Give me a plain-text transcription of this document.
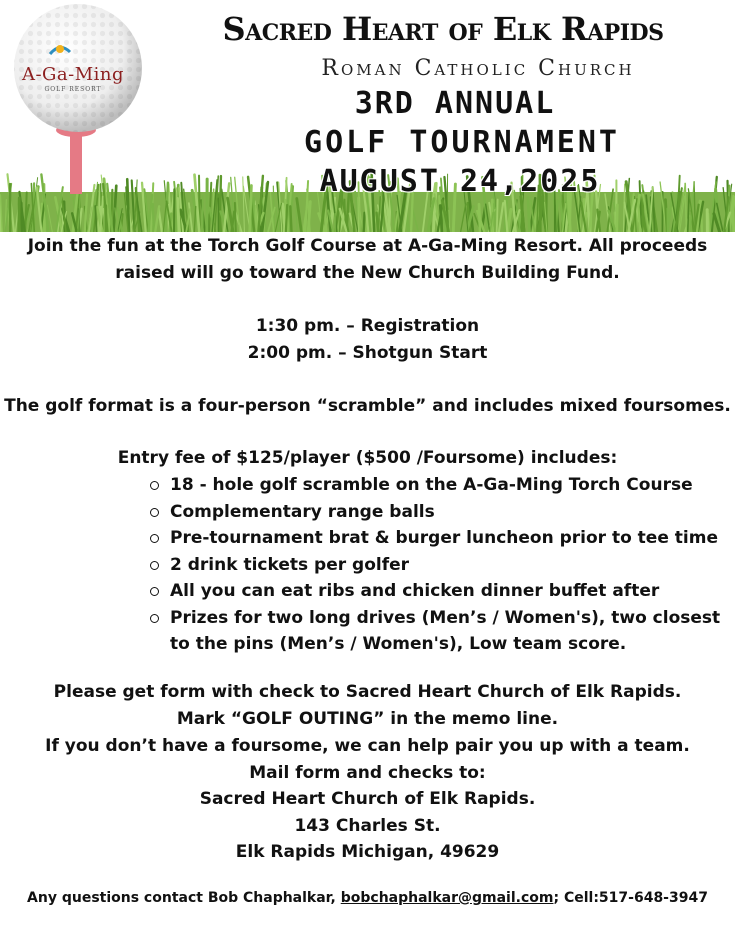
A-Ga-Ming
GOLF RESORT
Sacred Heart of Elk Rapids
Roman Catholic Church
3RD ANNUAL
GOLF TOURNAMENT
AUGUST 24,2025
Join the fun at the Torch Golf Course at A-Ga-Ming Resort. All proceeds
raised will go toward the New Church Building Fund.
1:30 pm. – Registration
2:00 pm. – Shotgun Start
The golf format is a four-person “scramble” and includes mixed foursomes.
Entry fee of $125/player ($500 /Foursome) includes:
18 - hole golf scramble on the A-Ga-Ming Torch Course
Complementary range balls
Pre-tournament brat & burger luncheon prior to tee time
2 drink tickets per golfer
All you can eat ribs and chicken dinner buffet after
Prizes for two long drives (Men’s / Women's), two closest to the pins (Men’s / Women's), Low team score.
Please get form with check to Sacred Heart Church of Elk Rapids.
Mark “GOLF OUTING” in the memo line.
If you don’t have a foursome, we can help pair you up with a team.
Mail form and checks to:
Sacred Heart Church of Elk Rapids.
143 Charles St.
Elk Rapids Michigan, 49629
Any questions contact Bob Chaphalkar, bobchaphalkar@gmail.com; Cell:517-648-3947
